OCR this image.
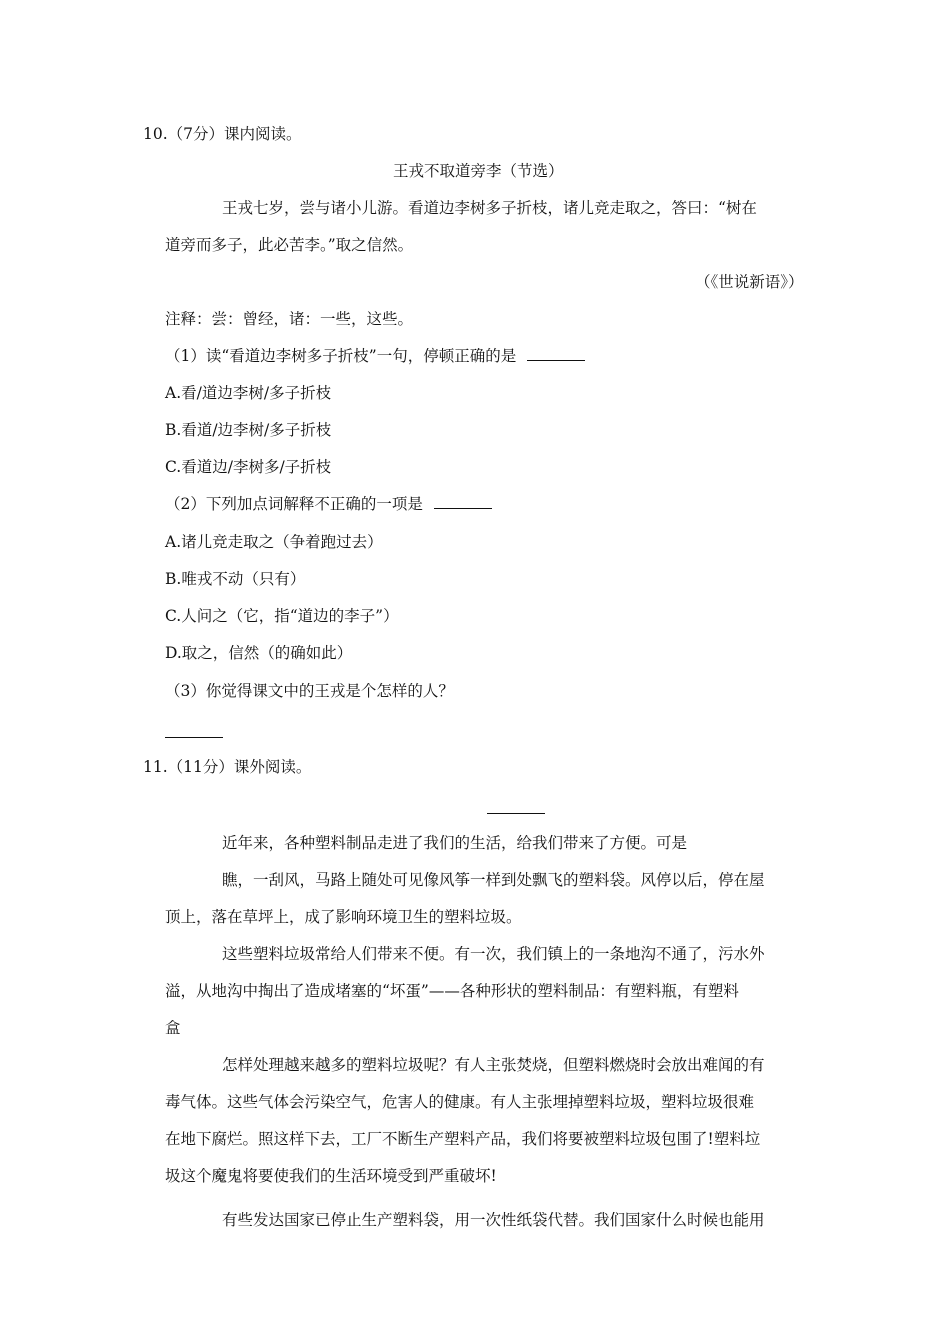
10.（7分）课内阅读。
王戎不取道旁李（节选）
王戎七岁，尝与诸小儿游。看道边李树多子折枝，诸儿竞走取之，答曰：“树在
道旁而多子，此必苦李。”取之信然。
（《世说新语》）
注释：尝：曾经，诸：一些，这些。
（1）读“看道边李树多子折枝”一句，停顿正确的是
A.看/道边李树/多子折枝
B.看道/边李树/多子折枝
C.看道边/李树多/子折枝
（2）下列加点词解释不正确的一项是
A.诸儿竞走取之（争着跑过去）
B.唯戎不动（只有）
C.人问之（它，指“道边的李子”）
D.取之，信然（的确如此）
（3）你觉得课文中的王戎是个怎样的人？
11.（11分）课外阅读。
近年来，各种塑料制品走进了我们的生活，给我们带来了方便。可是
瞧，一刮风，马路上随处可见像风筝一样到处飘飞的塑料袋。风停以后，停在屋
顶上，落在草坪上，成了影响环境卫生的塑料垃圾。
这些塑料垃圾常给人们带来不便。有一次，我们镇上的一条地沟不通了，污水外
溢，从地沟中掏出了造成堵塞的“坏蛋”——各种形状的塑料制品：有塑料瓶，有塑料
盒
怎样处理越来越多的塑料垃圾呢？有人主张焚烧，但塑料燃烧时会放出难闻的有
毒气体。这些气体会污染空气，危害人的健康。有人主张埋掉塑料垃圾，塑料垃圾很难
在地下腐烂。照这样下去，工厂不断生产塑料产品，我们将要被塑料垃圾包围了!塑料垃
圾这个魔鬼将要使我们的生活环境受到严重破坏!
有些发达国家已停止生产塑料袋，用一次性纸袋代替。我们国家什么时候也能用
